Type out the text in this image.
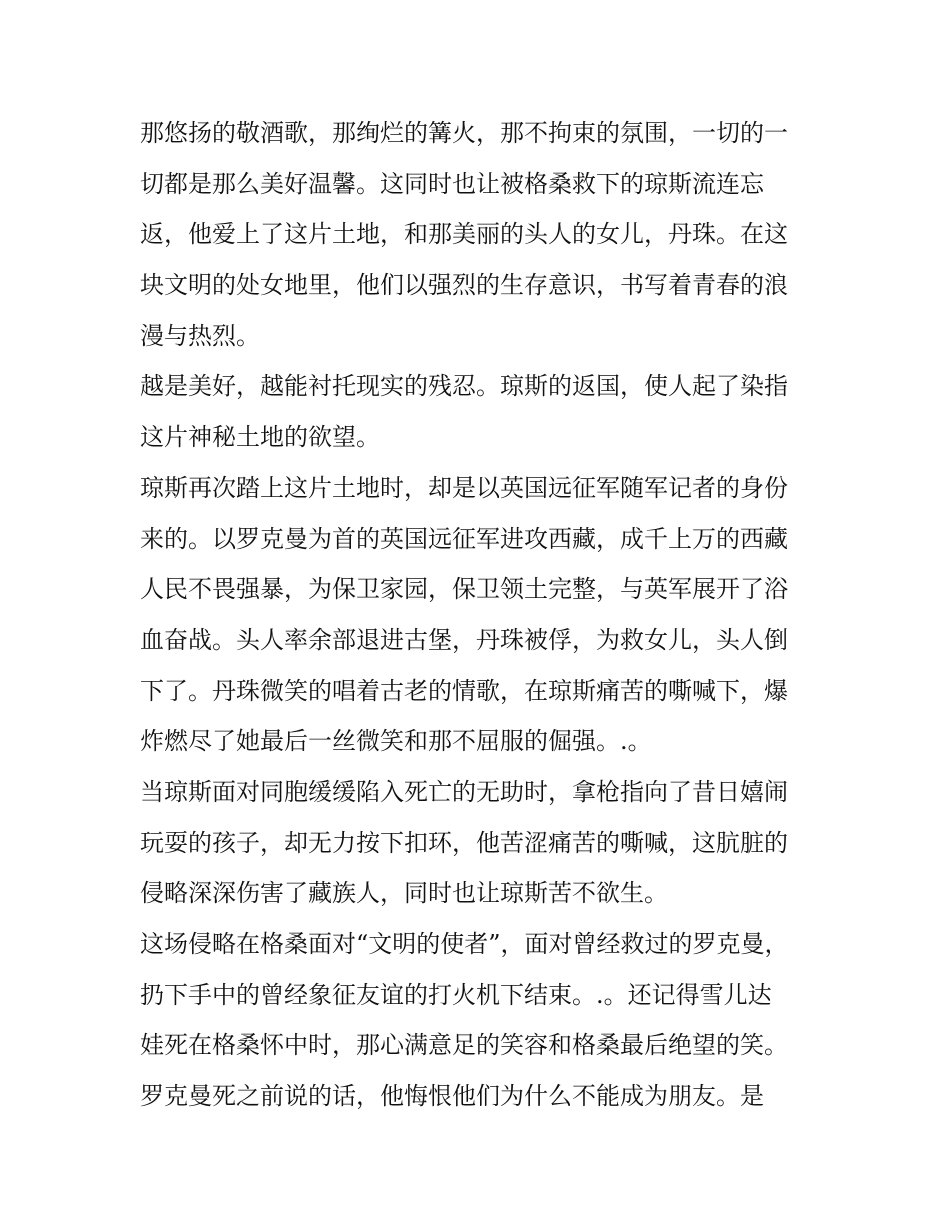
那悠扬的敬酒歌，那绚烂的篝火，那不拘束的氛围，一切的一
切都是那么美好温馨。这同时也让被格桑救下的琼斯流连忘
返，他爱上了这片土地，和那美丽的头人的女儿，丹珠。在这
块文明的处女地里，他们以强烈的生存意识，书写着青春的浪
漫与热烈。
越是美好，越能衬托现实的残忍。琼斯的返国，使人起了染指
这片神秘土地的欲望。
琼斯再次踏上这片土地时，却是以英国远征军随军记者的身份
来的。以罗克曼为首的英国远征军进攻西藏，成千上万的西藏
人民不畏强暴，为保卫家园，保卫领土完整，与英军展开了浴
血奋战。头人率余部退进古堡，丹珠被俘，为救女儿，头人倒
下了。丹珠微笑的唱着古老的情歌，在琼斯痛苦的嘶喊下，爆
炸燃尽了她最后一丝微笑和那不屈服的倔强。.。
当琼斯面对同胞缓缓陷入死亡的无助时，拿枪指向了昔日嬉闹
玩耍的孩子，却无力按下扣环，他苦涩痛苦的嘶喊，这肮脏的
侵略深深伤害了藏族人，同时也让琼斯苦不欲生。
这场侵略在格桑面对“文明的使者”，面对曾经救过的罗克曼，
扔下手中的曾经象征友谊的打火机下结束。.。还记得雪儿达
娃死在格桑怀中时，那心满意足的笑容和格桑最后绝望的笑。
罗克曼死之前说的话，他悔恨他们为什么不能成为朋友。是
